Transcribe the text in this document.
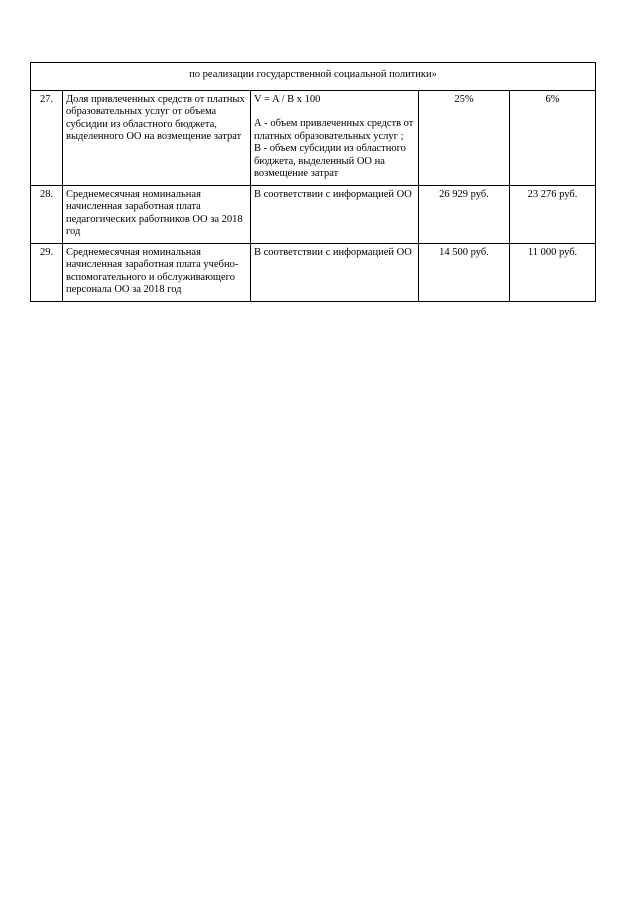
по реализации государственной социальной политики»				
27.	Доля привлеченных средств от платных образовательных услуг от объема субсидии из областного бюджета, выделенного ОО на возмещение затрат	V = A / B x 100

А - объем привлеченных средств от платных образовательных услуг ;

В - объем субсидии из областного бюджета, выделенный ОО на возмещение затрат	25%	6%
28.	Среднемесячная номинальная начисленная заработная плата педагогических работников ОО за 2018 год	В соответствии с информацией ОО	26 929 руб.	23 276 руб.
29.	Среднемесячная номинальная начисленная заработная плата учебно-вспомогательного и обслуживающего персонала ОО за 2018 год	В соответствии с информацией ОО	14 500 руб.	11 000 руб.
